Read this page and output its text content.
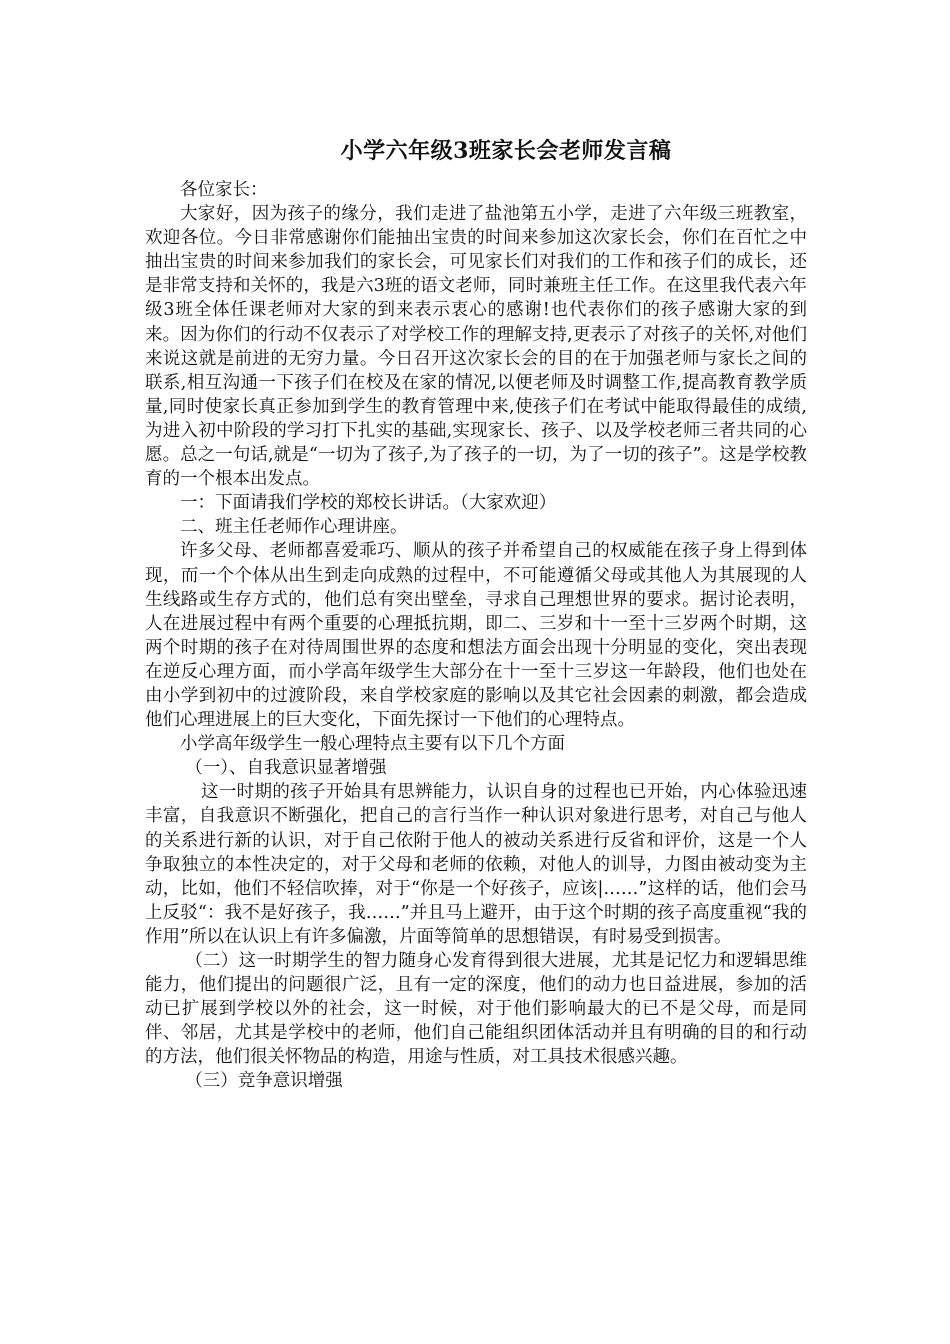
小学六年级3班家长会老师发言稿

各位家长：

大家好，因为孩子的缘分，我们走进了盐池第五小学，走进了六年级三班教室，欢迎各位。今日非常感谢你们能抽出宝贵的时间来参加这次家长会，你们在百忙之中抽出宝贵的时间来参加我们的家长会，可见家长们对我们的工作和孩子们的成长，还是非常支持和关怀的，我是六3班的语文老师，同时兼班主任工作。在这里我代表六年级3班全体任课老师对大家的到来表示衷心的感谢!也代表你们的孩子感谢大家的到来。因为你们的行动不仅表示了对学校工作的理解支持,更表示了对孩子的关怀,对他们来说这就是前进的无穷力量。今日召开这次家长会的目的在于加强老师与家长之间的联系,相互沟通一下孩子们在校及在家的情况,以便老师及时调整工作,提高教育教学质量,同时使家长真正参加到学生的教育管理中来,使孩子们在考试中能取得最佳的成绩,为进入初中阶段的学习打下扎实的基础,实现家长、孩子、以及学校老师三者共同的心愿。总之一句话,就是“一切为了孩子,为了孩子的一切，为了一切的孩子”。这是学校教育的一个根本出发点。

一：下面请我们学校的郑校长讲话。（大家欢迎）

二、班主任老师作心理讲座。

许多父母、老师都喜爱乖巧、顺从的孩子并希望自己的权威能在孩子身上得到体现，而一个个体从出生到走向成熟的过程中，不可能遵循父母或其他人为其展现的人生线路或生存方式的，他们总有突出壁垒，寻求自己理想世界的要求。据讨论表明，人在进展过程中有两个重要的心理抵抗期，即二、三岁和十一至十三岁两个时期，这两个时期的孩子在对待周围世界的态度和想法方面会出现十分明显的变化，突出表现在逆反心理方面，而小学高年级学生大部分在十一至十三岁这一年龄段，他们也处在由小学到初中的过渡阶段，来自学校家庭的影响以及其它社会因素的刺激，都会造成他们心理进展上的巨大变化，下面先探讨一下他们的心理特点。

小学高年级学生一般心理特点主要有以下几个方面

（一）、自我意识显著增强

这一时期的孩子开始具有思辨能力，认识自身的过程也已开始，内心体验迅速丰富，自我意识不断强化，把自己的言行当作一种认识对象进行思考，对自己与他人的关系进行新的认识，对于自己依附于他人的被动关系进行反省和评价，这是一个人争取独立的本性决定的，对于父母和老师的依赖，对他人的训导，力图由被动变为主动，比如，他们不轻信吹捧，对于“你是一个好孩子，应该|……”这样的话，他们会马上反驳“：我不是好孩子，我……”并且马上避开，由于这个时期的孩子高度重视“我的作用”所以在认识上有许多偏激，片面等简单的思想错误，有时易受到损害。

（二）这一时期学生的智力随身心发育得到很大进展，尤其是记忆力和逻辑思维能力，他们提出的问题很广泛，且有一定的深度，他们的动力也日益进展，参加的活动已扩展到学校以外的社会，这一时候，对于他们影响最大的已不是父母，而是同伴、邻居，尤其是学校中的老师，他们自己能组织团体活动并且有明确的目的和行动的方法，他们很关怀物品的构造，用途与性质，对工具技术很感兴趣。

（三）竞争意识增强
